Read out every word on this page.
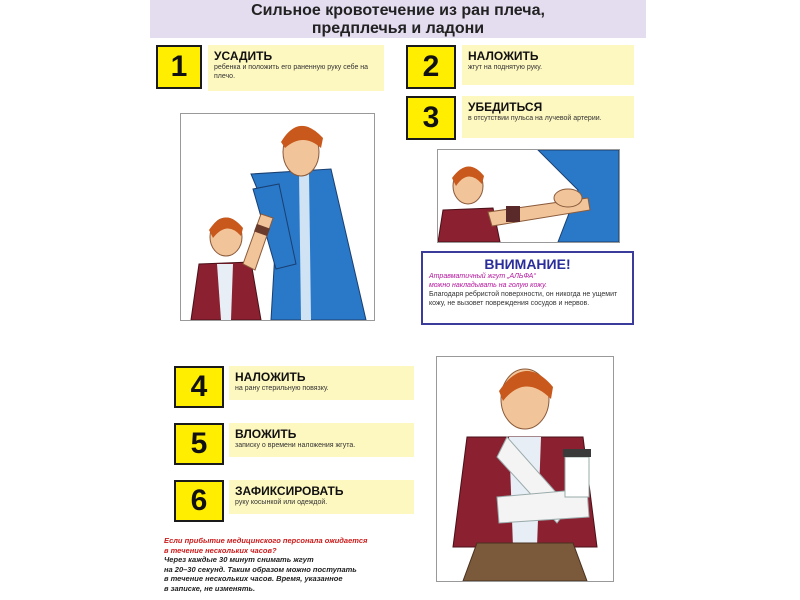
Сильное кровотечение из ран плеча,
предплечья и ладони
1	УСАДИТЬ
ребенка и положить его раненную руку себе на плечо.	2	НАЛОЖИТЬ
жгут на поднятую руку.
3	УБЕДИТЬСЯ
в отсутствии пульса на лучевой артерии.
4	НАЛОЖИТЬ
на рану стерильную повязку.
5	ВЛОЖИТЬ
записку о времени наложения жгута.
6	ЗАФИКСИРОВАТЬ
руку косынкой или одеждой.
ВНИМАНИЕ!
Атравматичный жгут „АЛЬФА“
можно накладывать на голую кожу.
Благодаря ребристой поверхности, он никогда не ущемит кожу, не вызовет повреждения сосудов и нервов.
Если прибытие медицинского персонала ожидается
в течение нескольких часов?
Через каждые 30 минут снимать жгут
на 20–30 секунд. Таким образом можно поступать
в течение нескольких часов. Время, указанное
в записке, не изменять.
